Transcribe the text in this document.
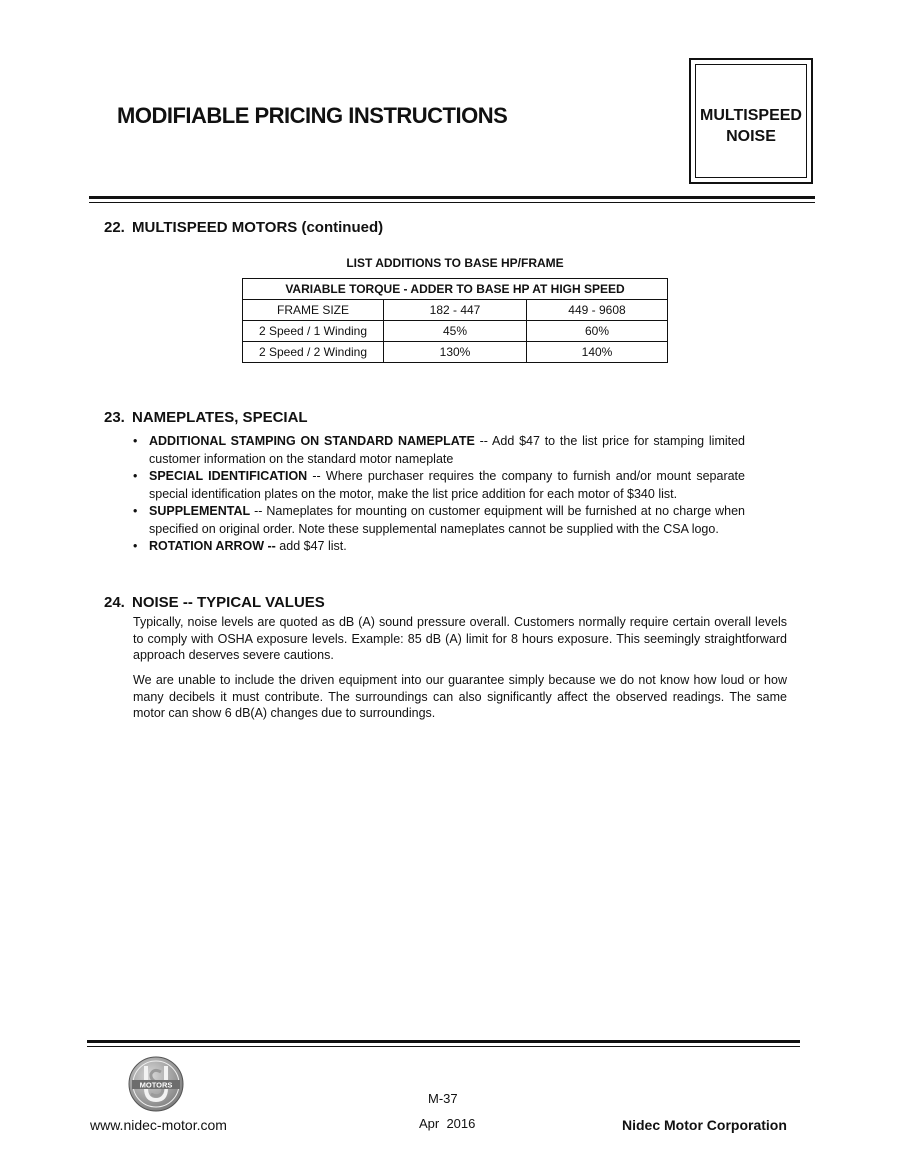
MODIFIABLE PRICING INSTRUCTIONS	MULTISPEED
NOISE
22. MULTISPEED MOTORS (continued)
LIST ADDITIONS TO BASE HP/FRAME
VARIABLE TORQUE - ADDER TO BASE HP AT HIGH SPEED		
FRAME SIZE	182 - 447	449 - 9608
2 Speed / 1 Winding	45%	60%
2 Speed / 2 Winding	130%	140%
23. NAMEPLATES, SPECIAL
• ADDITIONAL STAMPING ON STANDARD NAMEPLATE -- Add $47 to the list price for stamping limited customer information on the standard motor nameplate
• SPECIAL IDENTIFICATION -- Where purchaser requires the company to furnish and/or mount separate special identification plates on the motor, make the list price addition for each motor of $340 list.
• SUPPLEMENTAL -- Nameplates for mounting on customer equipment will be furnished at no charge when specified on original order. Note these supplemental nameplates cannot be supplied with the CSA logo.
• ROTATION ARROW -- add $47 list.
24. NOISE -- TYPICAL VALUES
Typically, noise levels are quoted as dB (A) sound pressure overall. Customers normally require certain overall levels to comply with OSHA exposure levels. Example: 85 dB (A) limit for 8 hours exposure. This seemingly straightforward approach deserves severe cautions.
We are unable to include the driven equipment into our guarantee simply because we do not know how loud or how many decibels it must contribute. The surroundings can also significantly affect the observed readings. The same motor can show 6 dB(A) changes due to surroundings.
MOTORS
www.nidec-motor.com
M-37
Apr  2016	Nidec Motor Corporation
